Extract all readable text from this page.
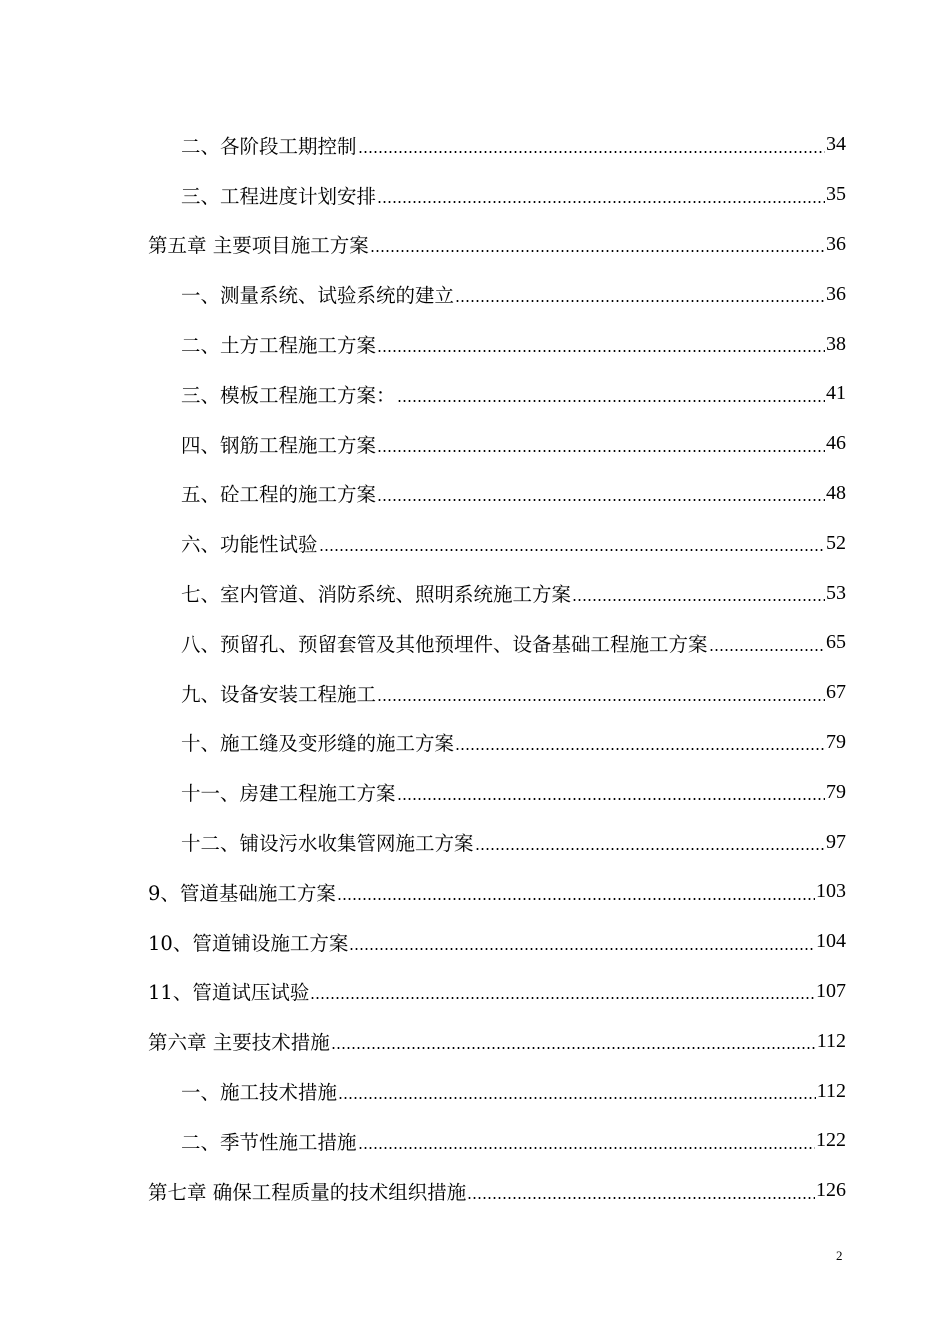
二、各阶段工期控制	34
三、工程进度计划安排	35
第五章 主要项目施工方案	36
一、测量系统、试验系统的建立	36
二、土方工程施工方案	38
三、模板工程施工方案：	41
四、钢筋工程施工方案	46
五、砼工程的施工方案	48
六、功能性试验	52
七、室内管道、消防系统、照明系统施工方案	53
八、预留孔、预留套管及其他预埋件、设备基础工程施工方案	65
九、设备安装工程施工	67
十、施工缝及变形缝的施工方案	79
十一、房建工程施工方案	79
十二、铺设污水收集管网施工方案	97
9、管道基础施工方案	103
10、管道铺设施工方案	104
11、管道试压试验	107
第六章 主要技术措施	112
一、施工技术措施	112
二、季节性施工措施	122
第七章 确保工程质量的技术组织措施	126
2
